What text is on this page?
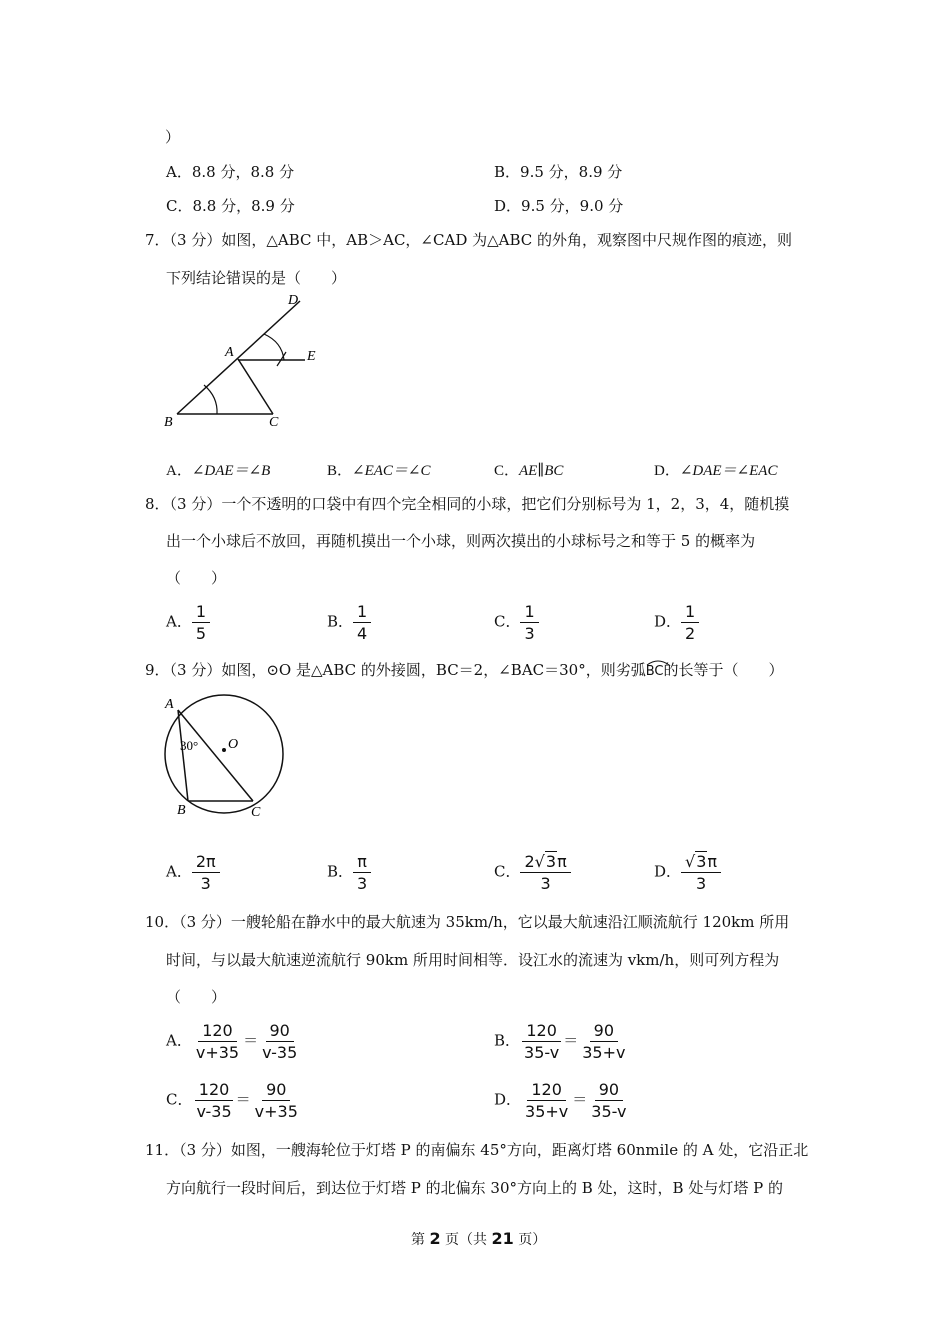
）
A．8.8 分，8.8 分	B．9.5 分，8.9 分
C．8.8 分，8.9 分	D．9.5 分，9.0 分
7．（3 分）如图，△ABC 中，AB＞AC，∠CAD 为△ABC 的外角，观察图中尺规作图的痕迹，则
下列结论错误的是（　　）
D
A	E
B	C
A．∠DAE＝∠B	B．∠EAC＝∠C	C．AE∥BC	D．∠DAE＝∠EAC
8．（3 分）一个不透明的口袋中有四个完全相同的小球，把它们分别标号为 1，2，3，4，随机摸
出一个小球后不放回，再随机摸出一个小球，则两次摸出的小球标号之和等于 5 的概率为
（　　）
A． $\frac{1}{5}$	B． $\frac{1}{4}$	C． $\frac{1}{3}$	D． $\frac{1}{2}$
9．（3 分）如图，⊙O 是△ABC 的外接圆，BC＝2，∠BAC＝30°，则劣弧
BC的长等于（　　）
A
30° O
B	C
A． $\frac{2\pi}{3}$	B． $\frac{\pi}{3}$	C． $\frac{2√3\pi}{3}$	D． $\frac{√3\pi}{3}$
10．（3 分）一艘轮船在静水中的最大航速为 35km/h，它以最大航速沿江顺流航行 120km 所用
时间，与以最大航速逆流航行 90km 所用时间相等．设江水的流速为 vkm/h，则可列方程为
（　　）
A． $\frac{120}{v+35} = \frac{90}{v-35}$	B． $\frac{120}{35-v} = \frac{90}{35+v}$
C． $\frac{120}{v-35} = \frac{90}{v+35}$	D． $\frac{120}{35+v} = \frac{90}{35-v}$
11．（3 分）如图，一艘海轮位于灯塔 P 的南偏东 45°方向，距离灯塔 60nmile 的 A 处，它沿正北
方向航行一段时间后，到达位于灯塔 P 的北偏东 30°方向上的 B 处，这时，B 处与灯塔 P 的
第 2 页（共 21 页）
